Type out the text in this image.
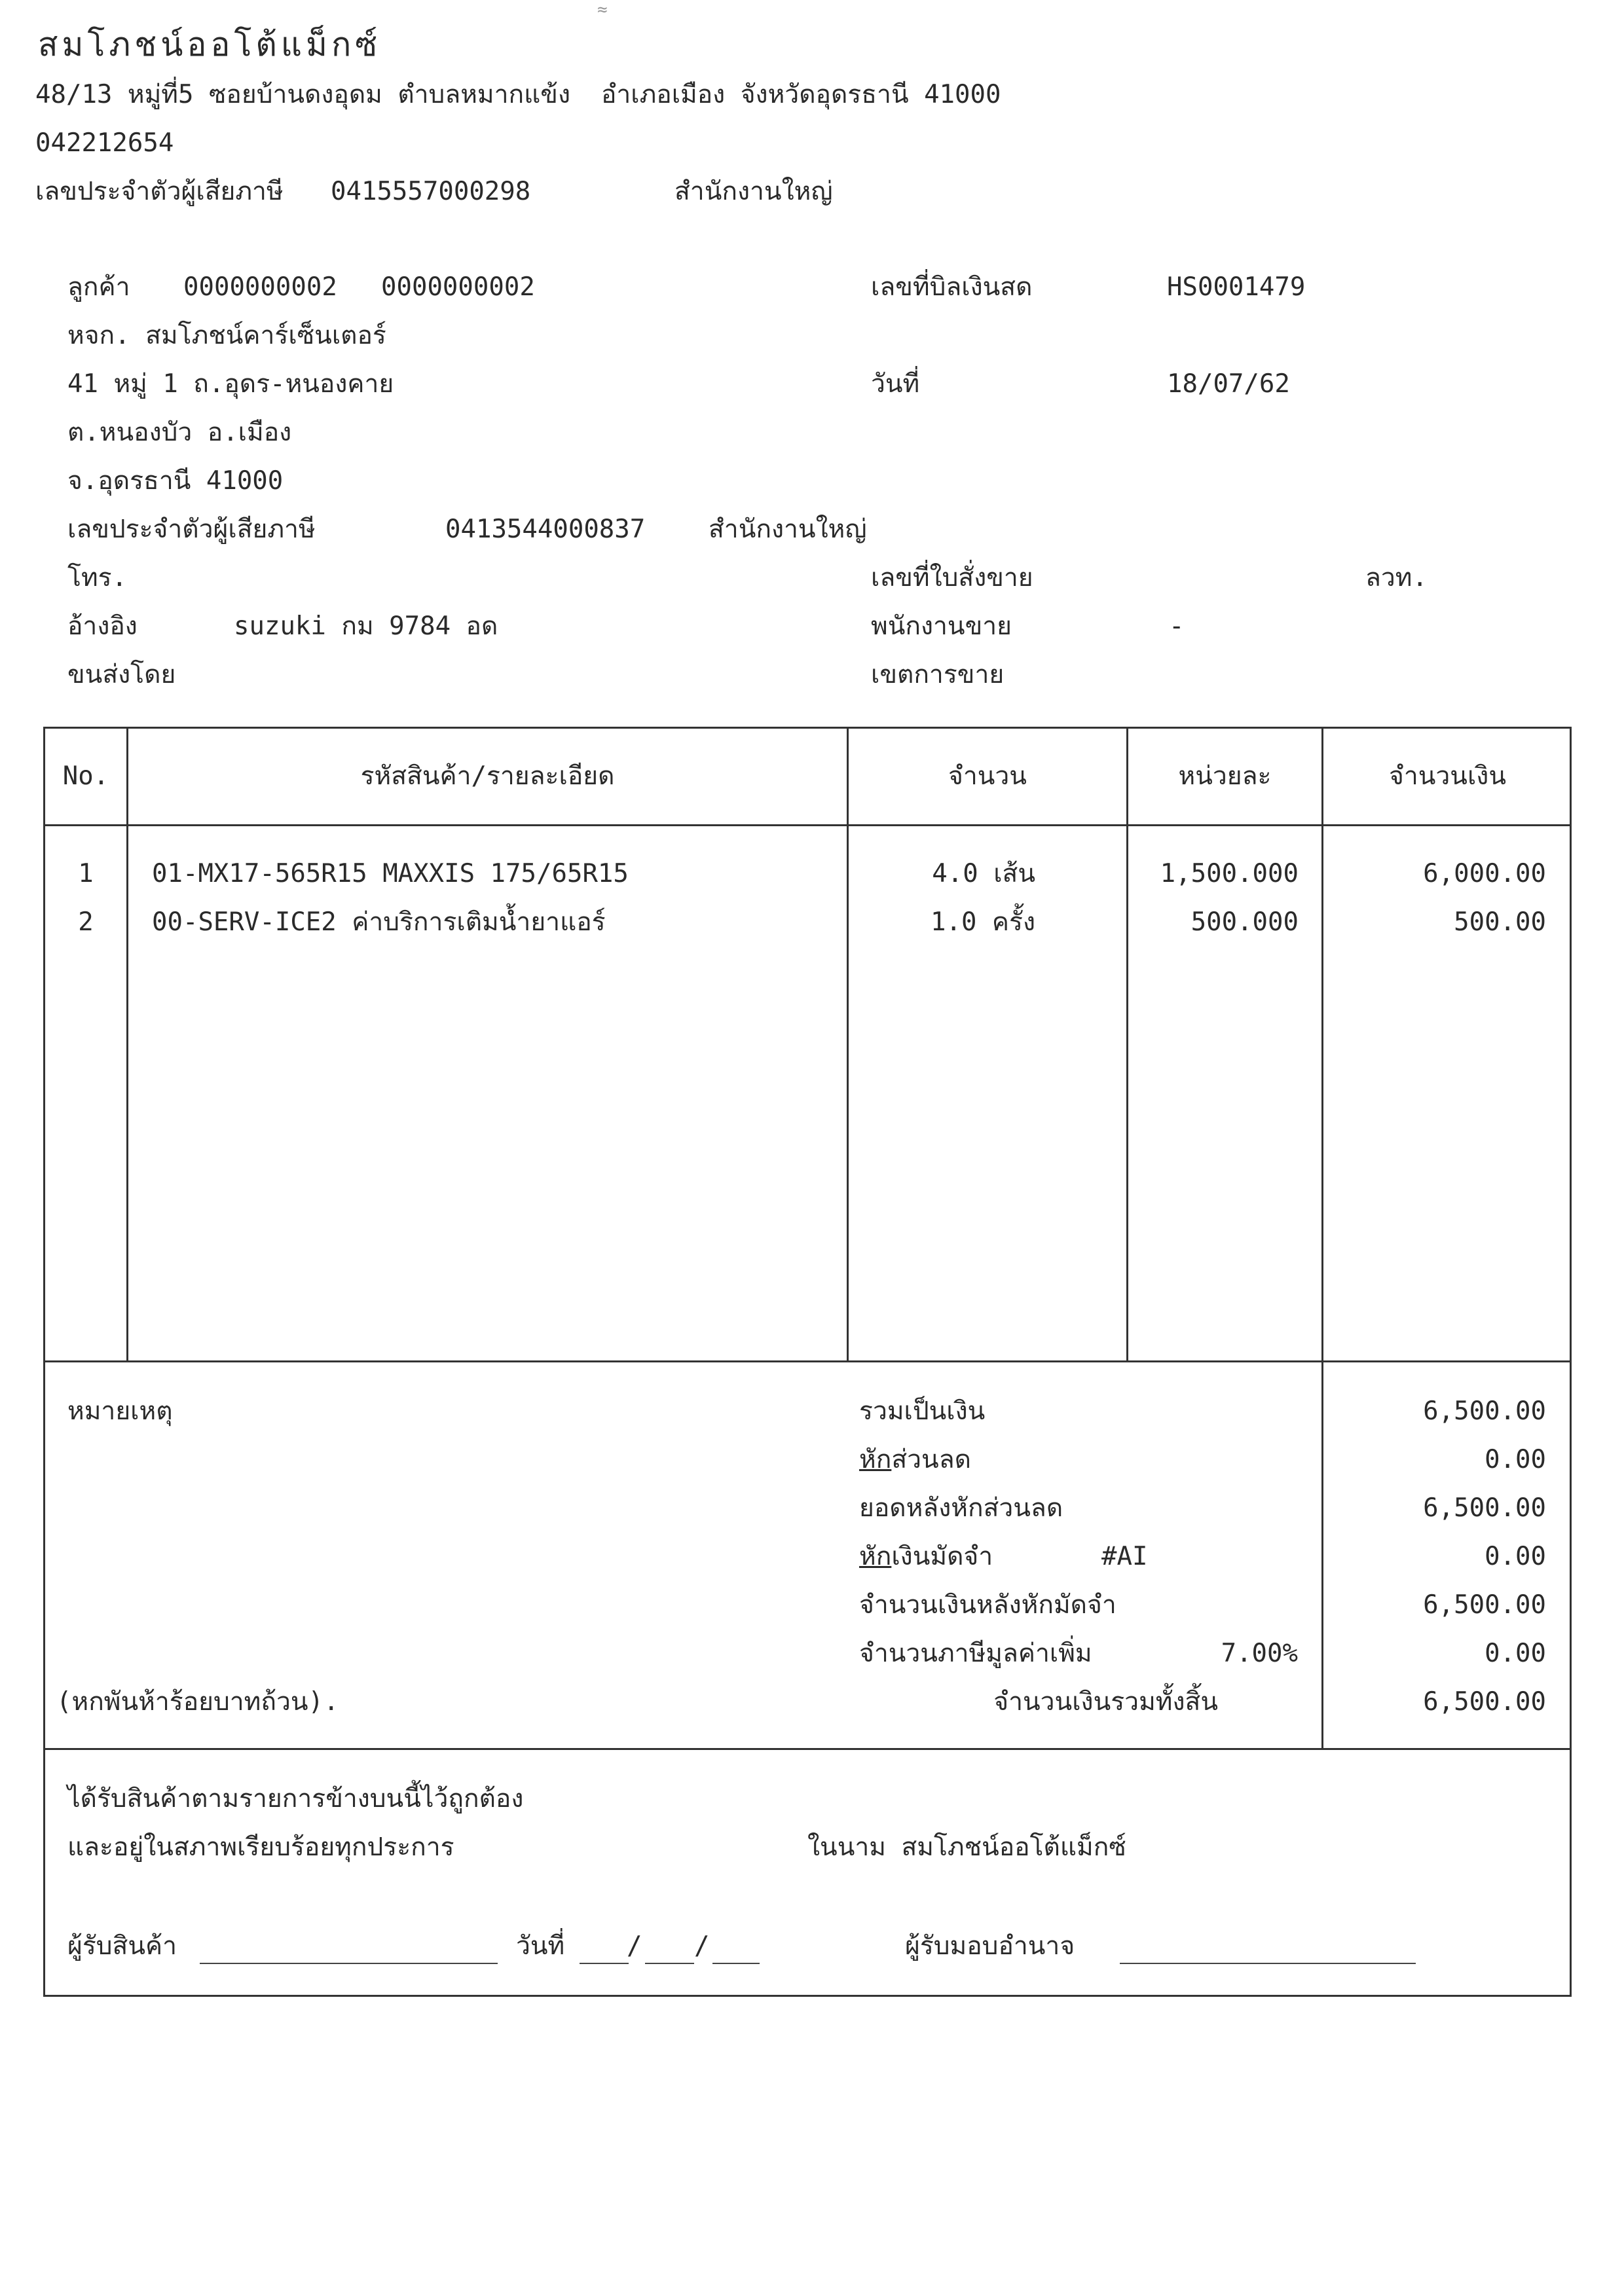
สมโภชน์ออโต้แม็กซ์
48/13 หมู่ที่5 ซอยบ้านดงอุดม ตำบลหมากแข้ง  อำเภอเมือง จังหวัดอุดรธานี 41000
042212654
เลขประจำตัวผู้เสียภาษี 0415557000298	สำนักงานใหญ่
ลูกค้า 0000000002 0000000002
หจก. สมโภชน์คาร์เซ็นเตอร์
41 หมู่ 1 ถ.อุดร-หนองคาย
ต.หนองบัว อ.เมือง
จ.อุดรธานี 41000
เลขประจำตัวผู้เสียภาษี	0413544000837 สำนักงานใหญ่
โทร.
อ้างอิง	suzuki กม 9784 อด
ขนส่งโดย
เลขที่บิลเงินสด	HS0001479
วันที่	18/07/62
เลขที่ใบสั่งขาย	ลวท.
พนักงานขาย	-
เขตการขาย
No.	รหัสสินค้า/รายละเอียด	จำนวน	หน่วยละ	จำนวนเงิน
1	01-MX17-565R15 MAXXIS 175/65R15	4.0 เส้น	1,500.000	6,000.00
2	00-SERV-ICE2 ค่าบริการเติมน้ำยาแอร์	1.0 ครั้ง	500.000	500.00
หมายเหตุ
(หกพันห้าร้อยบาทถ้วน).
รวมเป็นเงิน	6,500.00
หักส่วนลด	0.00
ยอดหลังหักส่วนลด	6,500.00
หักเงินมัดจำ	#AI	0.00
จำนวนเงินหลังหักมัดจำ	6,500.00
จำนวนภาษีมูลค่าเพิ่ม	7.00%	0.00
จำนวนเงินรวมทั้งสิ้น	6,500.00
ได้รับสินค้าตามรายการข้างบนนี้ไว้ถูกต้อง
และอยู่ในสภาพเรียบร้อยทุกประการ	ในนาม สมโภชน์ออโต้แม็กซ์
ผู้รับสินค้า	วันที่ / /	ผู้รับมอบอำนาจ
≈
